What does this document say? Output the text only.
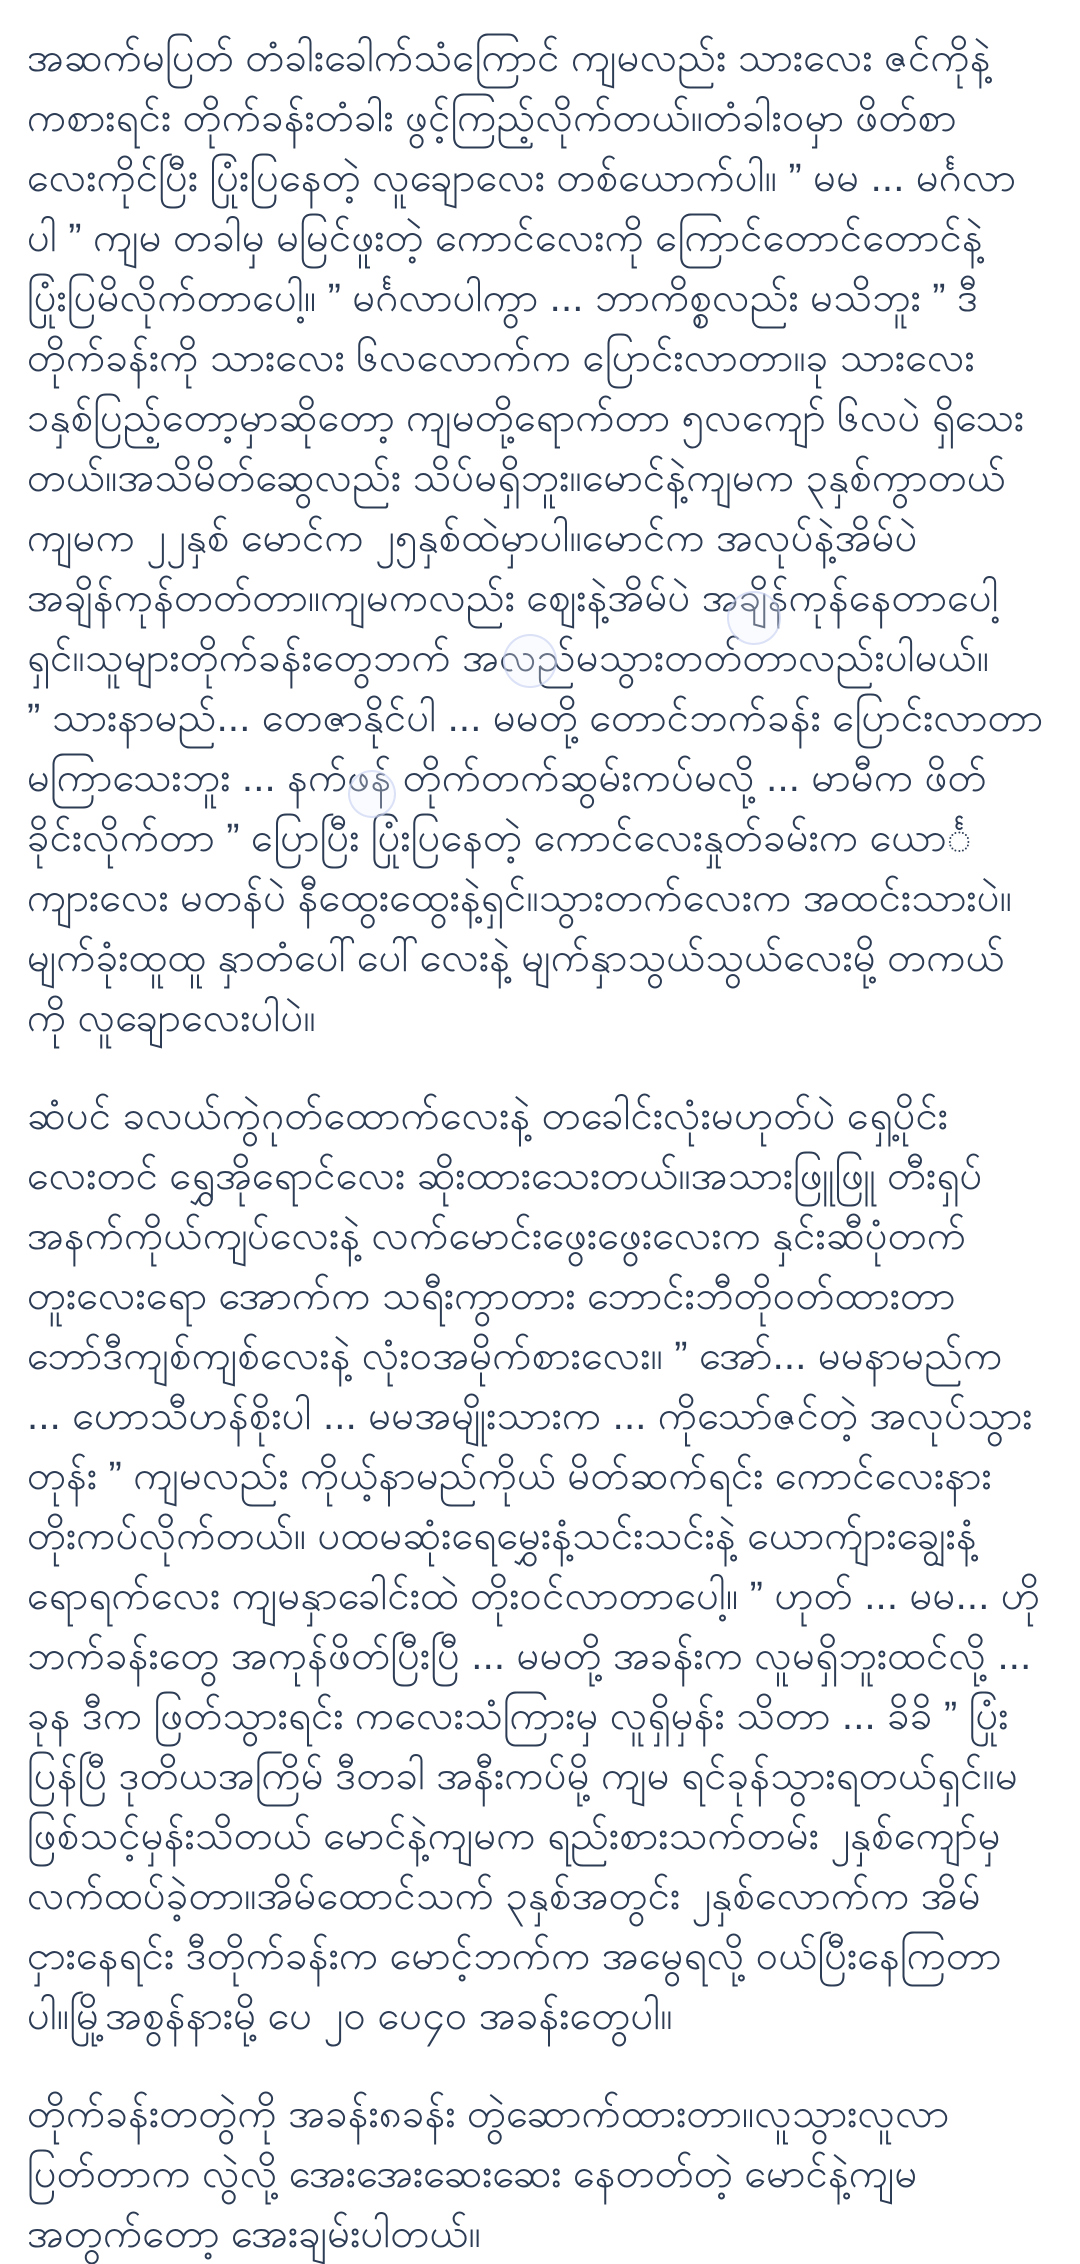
အဆက်မပြတ် တံခါးခေါက်သံကြောင် ကျမလည်း သားလေး ဇင်ကိုနဲ့
ကစားရင်း တိုက်ခန်းတံခါး ဖွင့်ကြည့်လိုက်တယ်။တံခါးဝမှာ ဖိတ်စာ
လေးကိုင်ပြီး ပြုံးပြနေတဲ့ လူချောလေး တစ်ယောက်ပါ။ ” မမ ... မင်္ဂလာ
ပါ ” ကျမ တခါမှ မမြင်ဖူးတဲ့ ကောင်လေးကို ကြောင်တောင်တောင်နဲ့
ပြုံးပြမိလိုက်တာပေါ့။ ” မင်္ဂလာပါကွာ ... ဘာကိစ္စလည်း မသိဘူး ” ဒီ
တိုက်ခန်းကို သားလေး ၆လလောက်က ပြောင်းလာတာ။ခု သားလေး
၁နှစ်ပြည့်တော့မှာဆိုတော့ ကျမတို့ရောက်တာ ၅လကျော် ၆လပဲ ရှိသေး
တယ်။အသိမိတ်ဆွေလည်း သိပ်မရှိဘူး။မောင်နဲ့ကျမက ၃နှစ်ကွာတယ်
ကျမက ၂၂နှစ် မောင်က ၂၅နှစ်ထဲမှာပါ။မောင်က အလုပ်နဲ့အိမ်ပဲ
အချိန်ကုန်တတ်တာ။ကျမကလည်း ဈေးနဲ့အိမ်ပဲ အချိန်ကုန်နေတာပေါ့
ရှင်။သူများတိုက်ခန်းတွေဘက် အလည်မသွားတတ်တာလည်းပါမယ်။
” သားနာမည်... တေဇာနိုင်ပါ ... မမတို့ တောင်ဘက်ခန်း ပြောင်းလာတာ
မကြာသေးဘူး ... နက်ဖန် တိုက်တက်ဆွမ်းကပ်မလို့ ... မာမီက ဖိတ်
ခိုင်းလိုက်တာ ” ပြောပြီး ပြုံးပြနေတဲ့ ကောင်လေးနှုတ်ခမ်းက ယောင်္
ကျားလေး မတန်ပဲ နီထွေးထွေးနဲ့ရှင်။သွားတက်လေးက အထင်းသားပဲ။
မျက်ခုံးထူထူ နှာတံပေါ်ပေါ်လေးနဲ့ မျက်နှာသွယ်သွယ်လေးမို့ တကယ်
ကို လူချောလေးပါပဲ။
ဆံပင် ခလယ်ကွဲဂုတ်ထောက်လေးနဲ့ တခေါင်းလုံးမဟုတ်ပဲ ရှေ့ပိုင်း
လေးတင် ရွှေအိုရောင်လေး ဆိုးထားသေးတယ်။အသားဖြူဖြူ တီးရှပ်
အနက်ကိုယ်ကျပ်လေးနဲ့ လက်မောင်းဖွေးဖွေးလေးက နှင်းဆီပုံတက်
တူးလေးရော အောက်က သရီးကွာတား ဘောင်းဘီတိုဝတ်ထားတာ
ဘော်ဒီကျစ်ကျစ်လေးနဲ့ လုံးဝအမိုက်စားလေး။ ” အော်... မမနာမည်က
... ဟောသီဟန်စိုးပါ ... မမအမျိုးသားက ... ကိုသော်ဇင်တဲ့ အလုပ်သွား
တုန်း ” ကျမလည်း ကိုယ့်နာမည်ကိုယ် မိတ်ဆက်ရင်း ကောင်လေးနား
တိုးကပ်လိုက်တယ်။ ပထမဆုံးရေမွှေးနံ့သင်းသင်းနဲ့ ယောက်ျားချွေးနံ့
ရောရက်လေး ကျမနှာခေါင်းထဲ တိုးဝင်လာတာပေါ့။ ” ဟုတ် ... မမ... ဟို
ဘက်ခန်းတွေ အကုန်ဖိတ်ပြီးပြီ ... မမတို့ အခန်းက လူမရှိဘူးထင်လို့ ...
ခုန ဒီက ဖြတ်သွားရင်း ကလေးသံကြားမှ လူရှိမှန်း သိတာ ... ခိခိ ” ပြုံး
ပြန်ပြီ ဒုတိယအကြိမ် ဒီတခါ အနီးကပ်မို့ ကျမ ရင်ခုန်သွားရတယ်ရှင်။မ
ဖြစ်သင့်မှန်းသိတယ် မောင်နဲ့ကျမက ရည်းစားသက်တမ်း ၂နှစ်ကျော်မှ
လက်ထပ်ခဲ့တာ။အိမ်ထောင်သက် ၃နှစ်အတွင်း ၂နှစ်လောက်က အိမ်
ငှားနေရင်း ဒီတိုက်ခန်းက မောင့်ဘက်က အမွေရလို့ ဝယ်ပြီးနေကြတာ
ပါ။မြို့အစွန်နားမို့ ပေ ၂၀ ပေ၄၀ အခန်းတွေပါ။
တိုက်ခန်းတတွဲကို အခန်း၈ခန်း တွဲဆောက်ထားတာ။လူသွားလူလာ
ပြတ်တာက လွဲလို့ အေးအေးဆေးဆေး နေတတ်တဲ့ မောင်နဲ့ကျမ
အတွက်တော့ အေးချမ်းပါတယ်။
